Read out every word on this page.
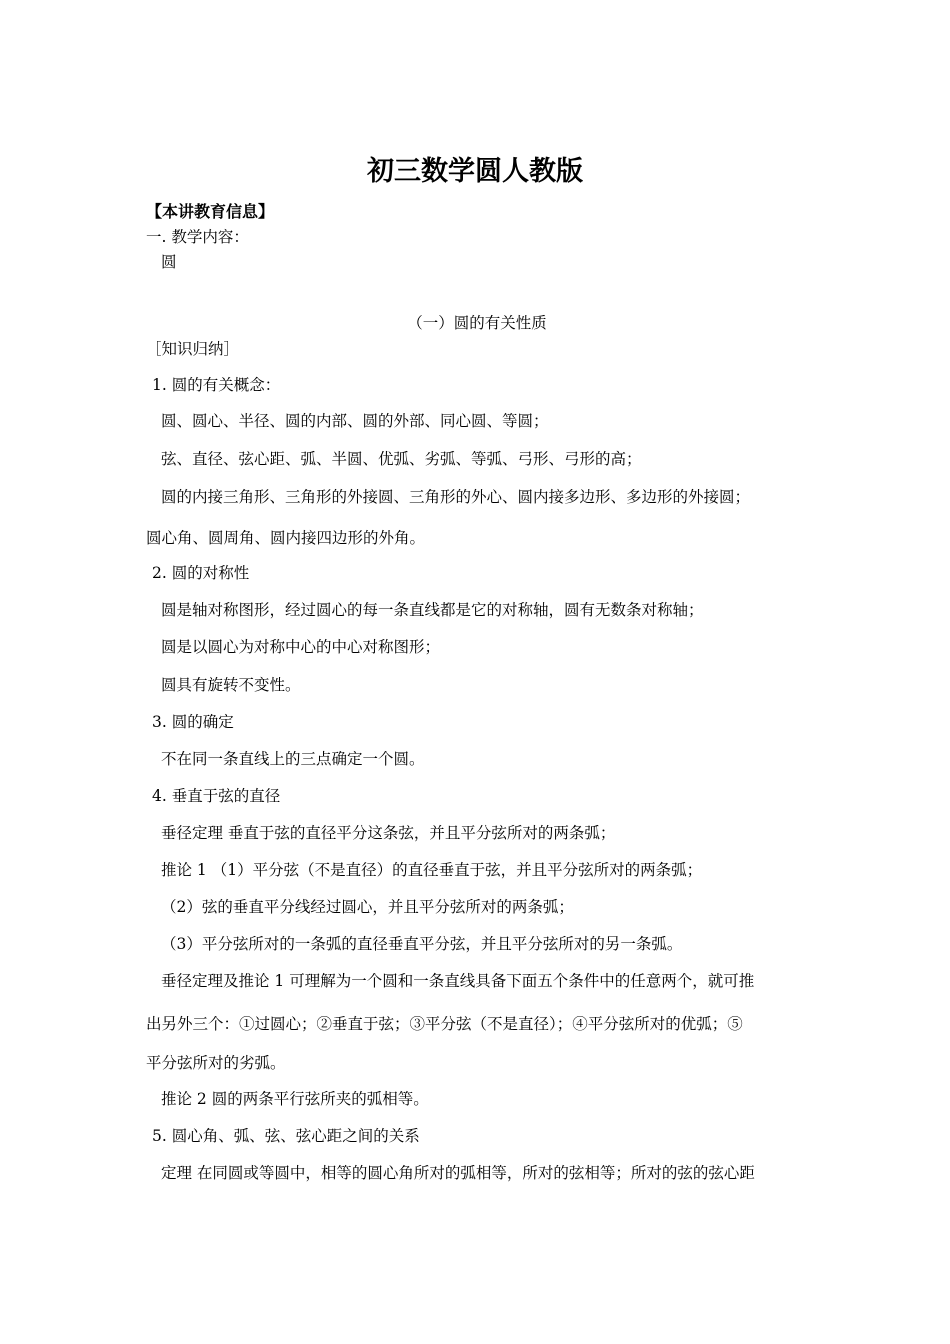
初三数学圆人教版
【本讲教育信息】
一. 教学内容：
圆
（一）圆的有关性质
［知识归纳］
1. 圆的有关概念：
圆、圆心、半径、圆的内部、圆的外部、同心圆、等圆；
弦、直径、弦心距、弧、半圆、优弧、劣弧、等弧、弓形、弓形的高；
圆的内接三角形、三角形的外接圆、三角形的外心、圆内接多边形、多边形的外接圆；
圆心角、圆周角、圆内接四边形的外角。
2. 圆的对称性
圆是轴对称图形，经过圆心的每一条直线都是它的对称轴，圆有无数条对称轴；
圆是以圆心为对称中心的中心对称图形；
圆具有旋转不变性。
3. 圆的确定
不在同一条直线上的三点确定一个圆。
4. 垂直于弦的直径
垂径定理 垂直于弦的直径平分这条弦，并且平分弦所对的两条弧；
推论 1 （1）平分弦（不是直径）的直径垂直于弦，并且平分弦所对的两条弧；
（2）弦的垂直平分线经过圆心，并且平分弦所对的两条弧；
（3）平分弦所对的一条弧的直径垂直平分弦，并且平分弦所对的另一条弧。
垂径定理及推论 1 可理解为一个圆和一条直线具备下面五个条件中的任意两个，就可推
出另外三个：①过圆心；②垂直于弦；③平分弦（不是直径）；④平分弦所对的优弧；⑤
平分弦所对的劣弧。
推论 2 圆的两条平行弦所夹的弧相等。
5. 圆心角、弧、弦、弦心距之间的关系
定理 在同圆或等圆中，相等的圆心角所对的弧相等，所对的弦相等；所对的弦的弦心距
